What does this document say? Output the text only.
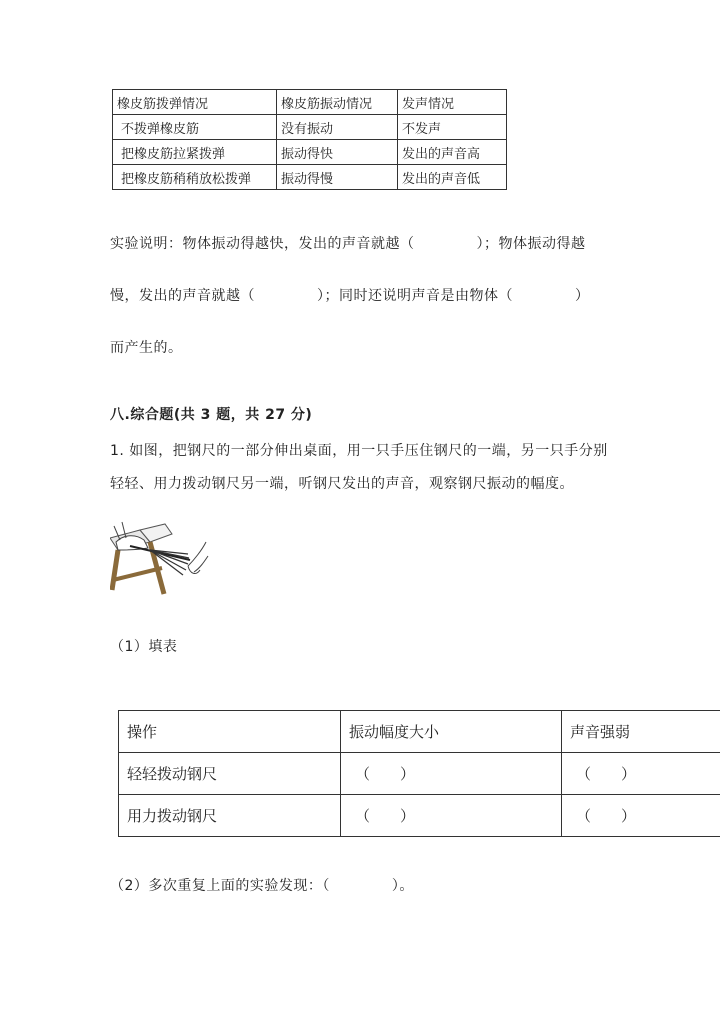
橡皮筋拨弹情况	橡皮筋振动情况	发声情况
不拨弹橡皮筋	没有振动	不发声
把橡皮筋拉紧拨弹	振动得快	发出的声音高
把橡皮筋稍稍放松拨弹	振动得慢	发出的声音低
实验说明：物体振动得越快，发出的声音就越（	）；物体振动得越
慢，发出的声音就越（	）；同时还说明声音是由物体（	）
而产生的。
八.综合题(共 3 题，共 27 分)
1. 如图，把钢尺的一部分伸出桌面，用一只手压住钢尺的一端，另一只手分别
轻轻、用力拨动钢尺另一端，听钢尺发出的声音，观察钢尺振动的幅度。
（1）填表
操作	振动幅度大小	声音强弱
轻轻拨动钢尺	（　　）	（　　）
用力拨动钢尺	（　　）	（　　）
（2）多次重复上面的实验发现：（	）。
